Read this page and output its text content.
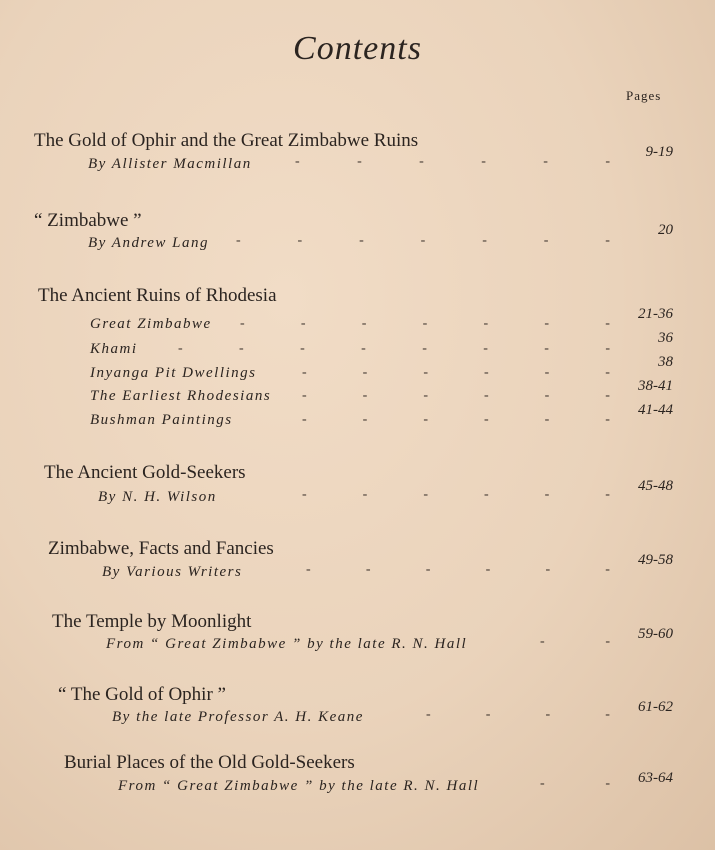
Contents
Pages
The Gold of Ophir and the Great Zimbabwe Ruins
By Allister Macmillan	-	-	-	-	-	-
9-19
“ Zimbabwe ”
By Andrew Lang -	-	-	-	-	-	-
20
The Ancient Ruins of Rhodesia
Great Zimbabwe -	-	-	-	-	-	-
21-36
Khami	-	-	-	-	-	-	-	-
36
Inyanga Pit Dwellings	-	-	-	-	-	-
38
The Earliest Rhodesians -	-	-	-	-	-
38-41
Bushman Paintings	-	-	-	-	-	-
41-44
The Ancient Gold-Seekers
By N. H. Wilson	-	-	-	-	-	-
45-48
Zimbabwe, Facts and Fancies
By Various Writers	-	-	-	-	-	-
49-58
The Temple by Moonlight
From “ Great Zimbabwe ” by the late R. N. Hall	-	- 59-60
“ The Gold of Ophir ”
By the late Professor A. H. Keane	-	-	-	- 61-62
Burial Places of the Old Gold-Seekers
From “ Great Zimbabwe ” by the late R. N. Hall	-	- 63-64
